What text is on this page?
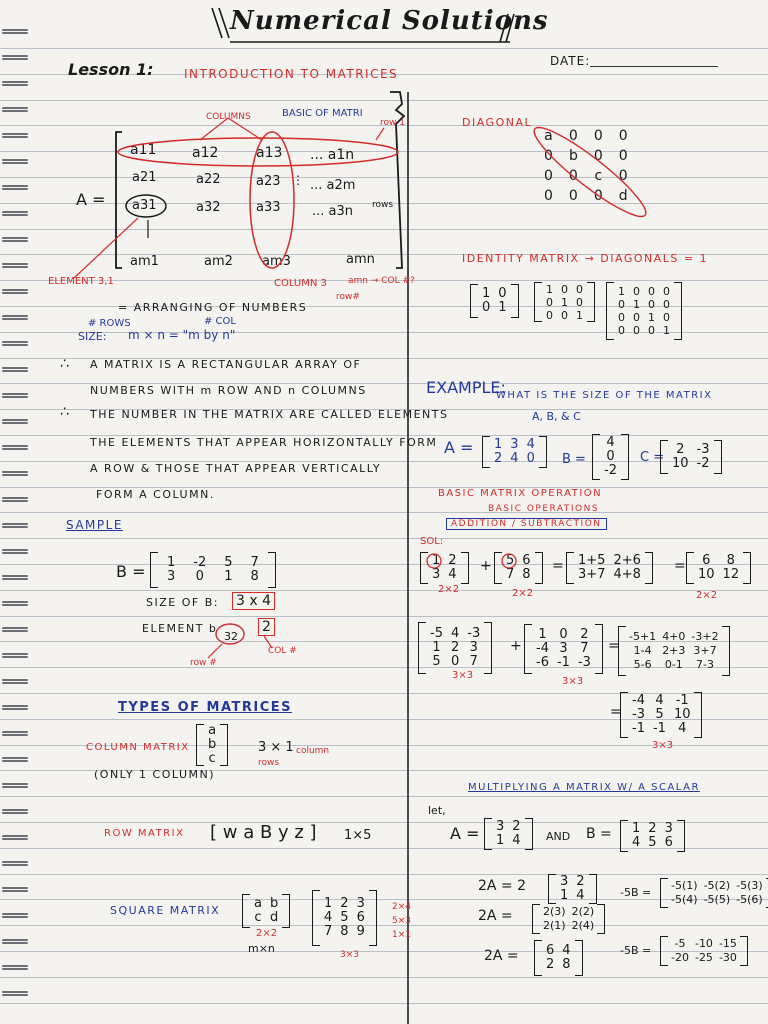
Numerical Solutions
DATE:
Lesson 1:	INTRODUCTION TO MATRICES
COLUMNS	BASIC OF MATRI
row 1
A =
a11	a12	a13 ... a1n
a21	a22	a23 ... a2m
a31	a32	a33 ... a3n rows
am1	am2 am3	amn
ELEMENT 3,1	COLUMN 3 amn → COL #?
row#
⋮
= ARRANGING OF NUMBERS
# ROWS	# COL
SIZE: m × n = "m by n"
A MATRIX IS A RECTANGULAR ARRAY OF
NUMBERS WITH m ROW AND n COLUMNS
THE NUMBER IN THE MATRIX ARE CALLED ELEMENTS
THE ELEMENTS THAT APPEAR HORIZONTALLY FORM
A ROW & THOSE THAT APPEAR VERTICALLY
FORM A COLUMN.
∴
∴
SAMPLE
B = 1	-2	5	7
3	0	1	8
SIZE OF B: 3 x 4
ELEMENT b
32
2
row #
COL #
TYPES OF MATRICES
COLUMN MATRIX
a
b
c
3 × 1 column
rows
(ONLY 1 COLUMN)
ROW MATRIX [ w a B y z ] 1×5
SQUARE MATRIX	a	b
c	d
2×2
m×n
1	2	3
4	5	6
7	8	9
3×3
2×4
5×3
1×1
DIAGONAL
a	0	0	0
0	b	0	0
0	0	c	0
0	0	0	d
IDENTITY MATRIX → DIAGONALS = 1
1	0
0	1
1	0	0
0	1	0
0	0	1
1	0	0	0
0	1	0	0
0	0	1	0
0	0	0	1
EXAMPLE:
WHAT IS THE SIZE OF THE MATRIX
A, B, & C
A = 1	3	4
2	4	0 B =
4
0
-2
C =
2	-3
10	-2
BASIC MATRIX OPERATION
BASIC OPERATIONS
ADDITION / SUBTRACTION
SOL:
1	2
3	4
+ 5	6
7	8
= 1+5	2+6
3+7	4+8
= 6	8
10	12
2×2	2×2	2×2
-5	4	-3
1	2	3
5	0	7
+
1	0	2
-4	3	7
-6	-1	-3
=
-5+1	4+0	-3+2
1-4	2+3	3+7
5-6	0-1	7-3
3×3
3×3
=
-4	4	-1
-3	5	10
-1	-1	4
3×3
MULTIPLYING A MATRIX W/ A SCALAR
let,
A = 3	2
1	4 AND B = 1	2	3
4	5	6
2A = 2	3	2
1	4
2A =	2(3)	2(2)
2(1)	2(4)
2A = 6	4
2	8
-5B =
-5(1)	-5(2)	-5(3)
-5(4)	-5(5)	-5(6)
-5B =
-5	-10	-15
-20	-25	-30
